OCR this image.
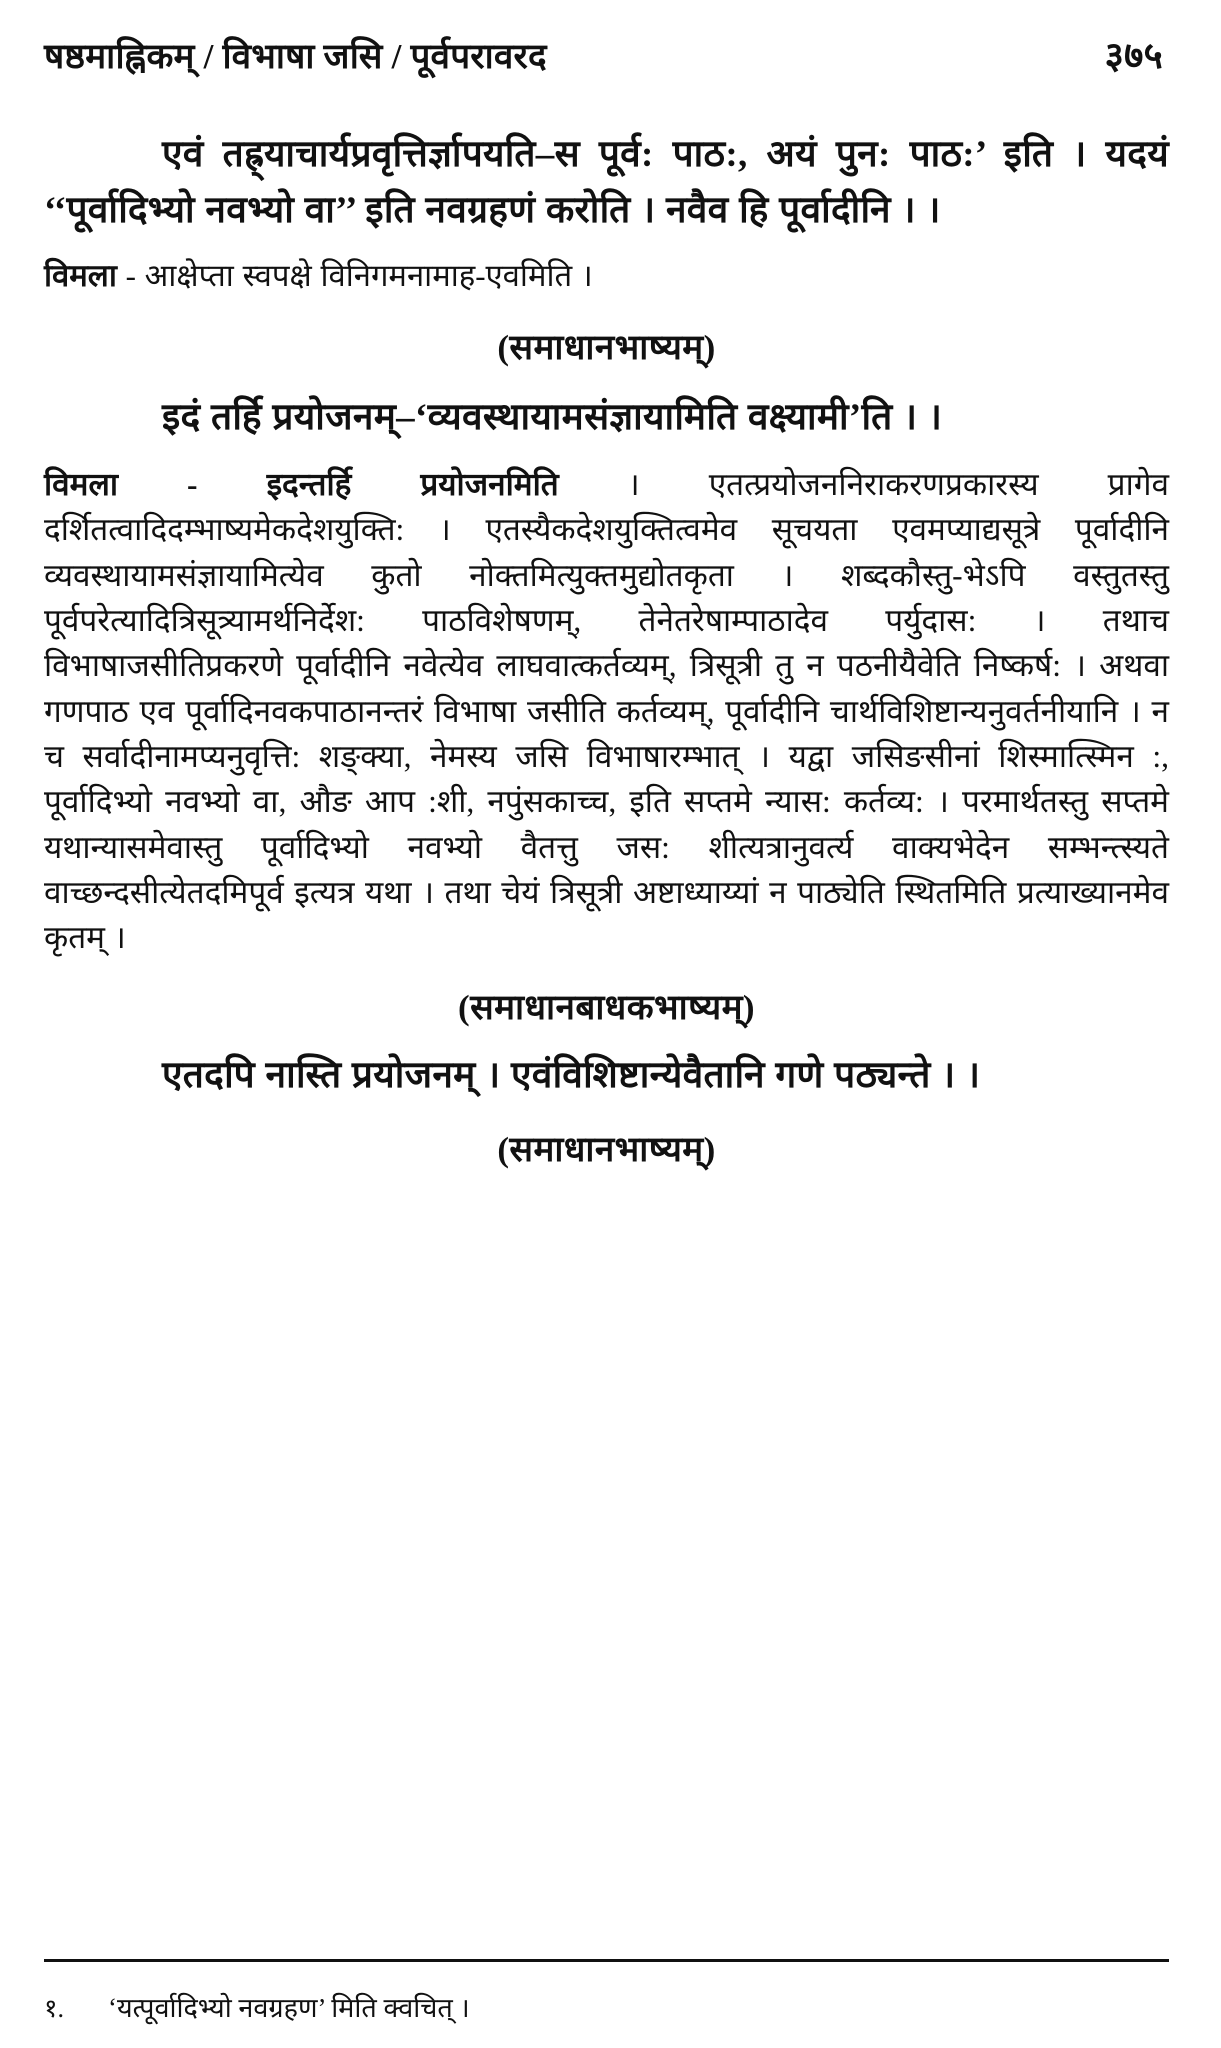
षष्ठमाह्निकम् / विभाषा जसि / पूर्वपरावरद	३७५

एवं तह्र्याचार्यप्रवृत्तिर्ज्ञापयति–स पूर्व: पाठ:, अयं पुन: पाठ:’ इति । यदयं ‘‘पूर्वादिभ्यो नवभ्यो वा’’ इति नवग्रहणं करोति । नवैव हि पूर्वादीनि । ।

विमला - आक्षेप्ता स्वपक्षे विनिगमनामाह-एवमिति ।

(समाधानभाष्यम्)

इदं तर्हि प्रयोजनम्–‘व्यवस्थायामसंज्ञायामिति वक्ष्यामी’ति । ।

विमला - इदन्तर्हि प्रयोजनमिति । एतत्प्रयोजननिराकरणप्रकारस्य प्रागेव दर्शितत्वादिदम्भाष्यमेकदेशयुक्ति: । एतस्यैकदेशयुक्तित्वमेव सूचयता एवमप्याद्यसूत्रे पूर्वादीनि व्यवस्थायामसंज्ञायामित्येव कुतो नोक्तमित्युक्तमुद्योतकृता । शब्दकौस्तु-भेऽपि वस्तुतस्तु पूर्वपरेत्यादित्रिसूत्र्यामर्थनिर्देश: पाठविशेषणम्, तेनेतरेषाम्पाठादेव पर्युदास: । तथाच विभाषाजसीतिप्रकरणे पूर्वादीनि नवेत्येव लाघवात्कर्तव्यम्, त्रिसूत्री तु न पठनीयैवेति निष्कर्ष: । अथवा गणपाठ एव पूर्वादिनवकपाठानन्तरं विभाषा जसीति कर्तव्यम्, पूर्वादीनि चार्थविशिष्टान्यनुवर्तनीयानि । न च सर्वादीनामप्यनुवृत्ति: शङ्क्या, नेमस्य जसि विभाषारम्भात् । यद्वा जसिङसीनां शिस्मात्स्मिन :, पूर्वादिभ्यो नवभ्यो वा, औङ आप :शी, नपुंसकाच्च, इति सप्तमे न्यास: कर्तव्य: । परमार्थतस्तु सप्तमे यथान्यासमेवास्तु पूर्वादिभ्यो नवभ्यो वैतत्तु जस: शीत्यत्रानुवर्त्य वाक्यभेदेन सम्भन्त्स्यते वाच्छन्दसीत्येतदमिपूर्व इत्यत्र यथा । तथा चेयं त्रिसूत्री अष्टाध्याय्यां न पाठ्येति स्थितमिति प्रत्याख्यानमेव कृतम् ।

(समाधानबाधकभाष्यम्)

एतदपि नास्ति प्रयोजनम् । एवंविशिष्टान्येवैतानि गणे पठ्यन्ते । ।

(समाधानभाष्यम्)
१.	‘यत्पूर्वादिभ्यो नवग्रहण’ मिति क्वचित् ।
